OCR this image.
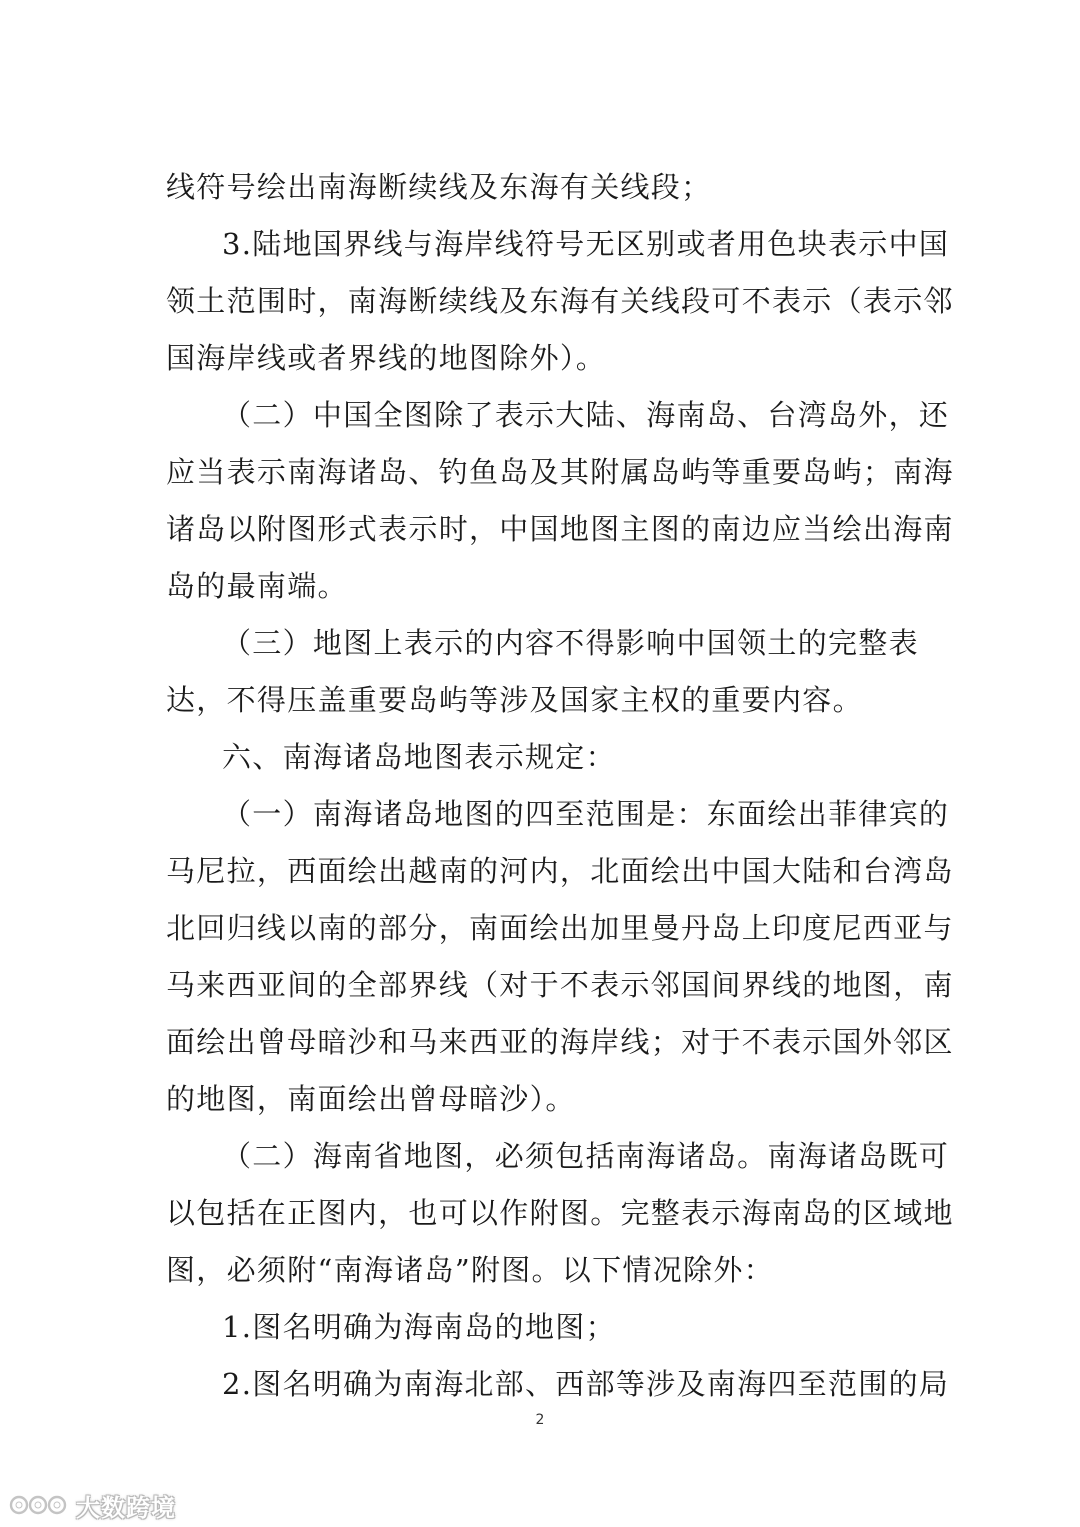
线符号绘出南海断续线及东海有关线段；

3.陆地国界线与海岸线符号无区别或者用色块表示中国

领土范围时，南海断续线及东海有关线段可不表示（表示邻

国海岸线或者界线的地图除外）。

（二）中国全图除了表示大陆、海南岛、台湾岛外，还

应当表示南海诸岛、钓鱼岛及其附属岛屿等重要岛屿；南海

诸岛以附图形式表示时，中国地图主图的南边应当绘出海南

岛的最南端。

（三）地图上表示的内容不得影响中国领土的完整表

达，不得压盖重要岛屿等涉及国家主权的重要内容。

六、南海诸岛地图表示规定：

（一）南海诸岛地图的四至范围是：东面绘出菲律宾的

马尼拉，西面绘出越南的河内，北面绘出中国大陆和台湾岛

北回归线以南的部分，南面绘出加里曼丹岛上印度尼西亚与

马来西亚间的全部界线（对于不表示邻国间界线的地图，南

面绘出曾母暗沙和马来西亚的海岸线；对于不表示国外邻区

的地图，南面绘出曾母暗沙）。

（二）海南省地图，必须包括南海诸岛。南海诸岛既可

以包括在正图内，也可以作附图。完整表示海南岛的区域地

图，必须附“南海诸岛”附图。以下情况除外：

1.图名明确为海南岛的地图；

2.图名明确为南海北部、西部等涉及南海四至范围的局

2
大数跨境
